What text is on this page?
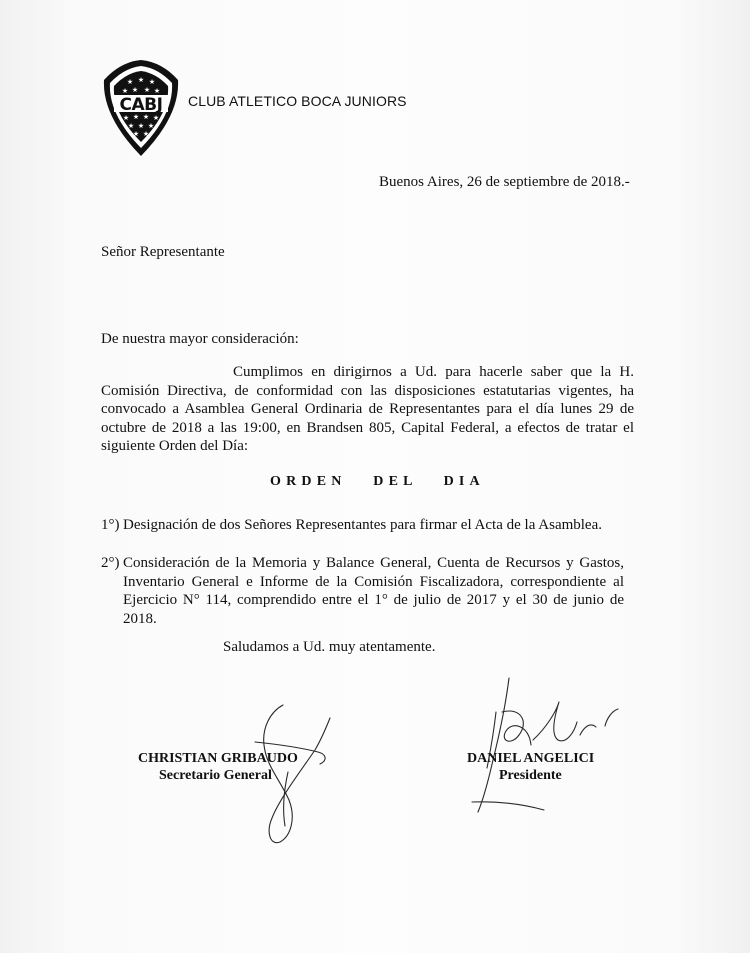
★ ★ ★
★ ★ ★ ★
★ ★ ★ ★
★ ★ ★
★ ★
CABJ CLUB ATLETICO BOCA JUNIORS
Buenos Aires, 26 de septiembre de 2018.-
Señor Representante
De nuestra mayor consideración:
Cumplimos en dirigirnos a Ud. para hacerle saber que la H. Comisión Directiva, de conformidad con las disposiciones estatutarias vigentes, ha convocado a Asamblea General Ordinaria de Representantes para el día lunes 29 de octubre de 2018 a las 19:00, en Brandsen 805, Capital Federal, a efectos de tratar el siguiente Orden del Día:
ORDEN DEL DIA
1°) Designación de dos Señores Representantes para firmar el Acta de la Asamblea.
2°) Consideración de la Memoria y Balance General, Cuenta de Recursos y Gastos, Inventario General e Informe de la Comisión Fiscalizadora, correspondiente al Ejercicio N° 114, comprendido entre el 1° de julio de 2017 y el 30 de junio de 2018.
Saludamos a Ud. muy atentamente.
CHRISTIAN GRIBAUDO
Secretario General
DANIEL ANGELICI
Presidente
